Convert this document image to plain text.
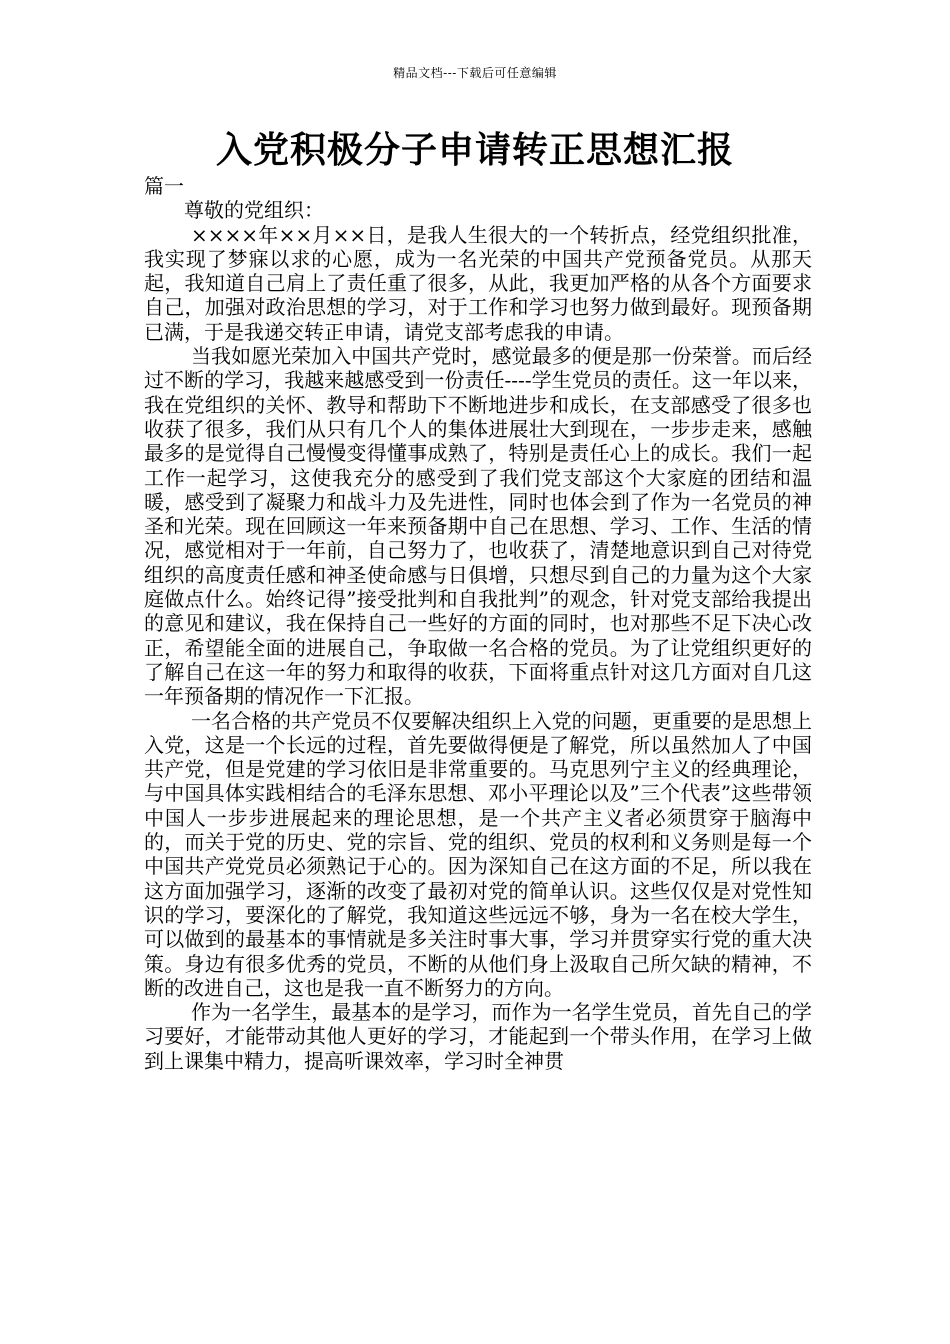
精品文档---下载后可任意编辑
入党积极分子申请转正思想汇报

篇一

尊敬的党组织：

××××年××月××日，是我人生很大的一个转折点，经党组织批准，我实现了梦寐以求的心愿，成为一名光荣的中国共产党预备党员。从那天起，我知道自己肩上了责任重了很多，从此，我更加严格的从各个方面要求自己，加强对政治思想的学习，对于工作和学习也努力做到最好。现预备期已满，于是我递交转正申请，请党支部考虑我的申请。

当我如愿光荣加入中国共产党时，感觉最多的便是那一份荣誉。而后经过不断的学习，我越来越感受到一份责任----学生党员的责任。这一年以来，我在党组织的关怀、教导和帮助下不断地进步和成长，在支部感受了很多也收获了很多，我们从只有几个人的集体进展壮大到现在，一步步走来，感触最多的是觉得自己慢慢变得懂事成熟了，特别是责任心上的成长。我们一起工作一起学习，这使我充分的感受到了我们党支部这个大家庭的团结和温暖，感受到了凝聚力和战斗力及先进性，同时也体会到了作为一名党员的神圣和光荣。现在回顾这一年来预备期中自己在思想、学习、工作、生活的情况，感觉相对于一年前，自己努力了，也收获了，清楚地意识到自己对待党组织的高度责任感和神圣使命感与日俱增，只想尽到自己的力量为这个大家庭做点什么。始终记得”接受批判和自我批判”的观念，针对党支部给我提出的意见和建议，我在保持自己一些好的方面的同时，也对那些不足下决心改正，希望能全面的进展自己，争取做一名合格的党员。为了让党组织更好的了解自己在这一年的努力和取得的收获，下面将重点针对这几方面对自几这一年预备期的情况作一下汇报。

一名合格的共产党员不仅要解决组织上入党的问题，更重要的是思想上入党，这是一个长远的过程，首先要做得便是了解党，所以虽然加人了中国共产党，但是党建的学习依旧是非常重要的。马克思列宁主义的经典理论，与中国具体实践相结合的毛泽东思想、邓小平理论以及”三个代表”这些带领中国人一步步进展起来的理论思想，是一个共产主义者必须贯穿于脑海中的，而关于党的历史、党的宗旨、党的组织、党员的权利和义务则是每一个中国共产党党员必须熟记于心的。因为深知自己在这方面的不足，所以我在这方面加强学习，逐渐的改变了最初对党的简单认识。这些仅仅是对党性知识的学习，要深化的了解党，我知道这些远远不够，身为一名在校大学生，可以做到的最基本的事情就是多关注时事大事，学习并贯穿实行党的重大决策。身边有很多优秀的党员，不断的从他们身上汲取自己所欠缺的精神，不断的改进自己，这也是我一直不断努力的方向。

作为一名学生，最基本的是学习，而作为一名学生党员，首先自己的学习要好，才能带动其他人更好的学习，才能起到一个带头作用，在学习上做到上课集中精力，提高听课效率，学习时全神贯
